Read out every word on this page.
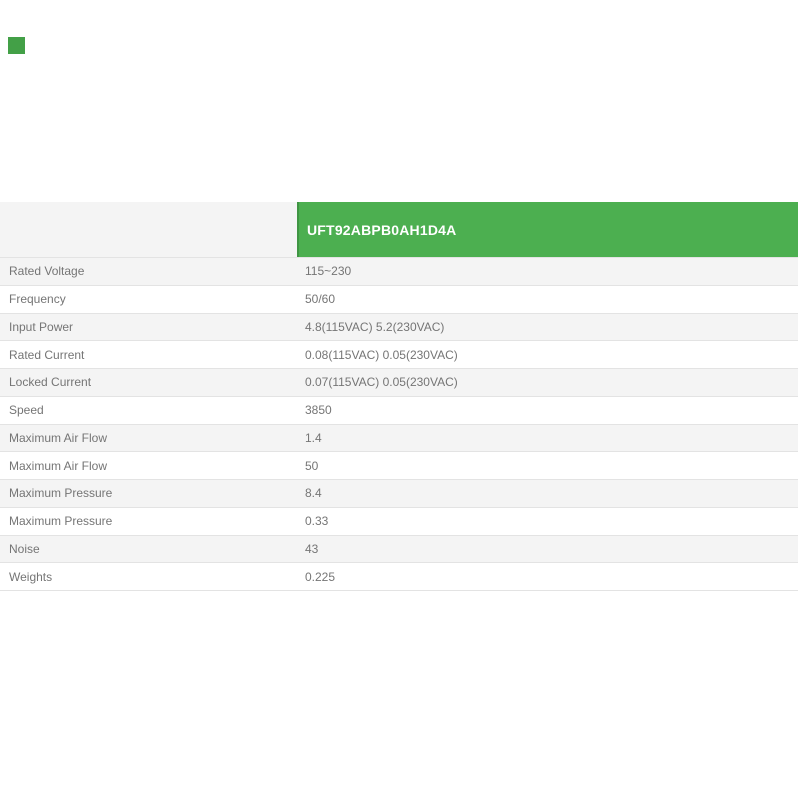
UFT92ABPB0AH1D4A
Rated Voltage	115~230
Frequency	50/60
Input Power	4.8(115VAC) 5.2(230VAC)
Rated Current	0.08(115VAC) 0.05(230VAC)
Locked Current	0.07(115VAC) 0.05(230VAC)
Speed	3850
Maximum Air Flow	1.4
Maximum Air Flow	50
Maximum Pressure	8.4
Maximum Pressure	0.33
Noise	43
Weights	0.225
